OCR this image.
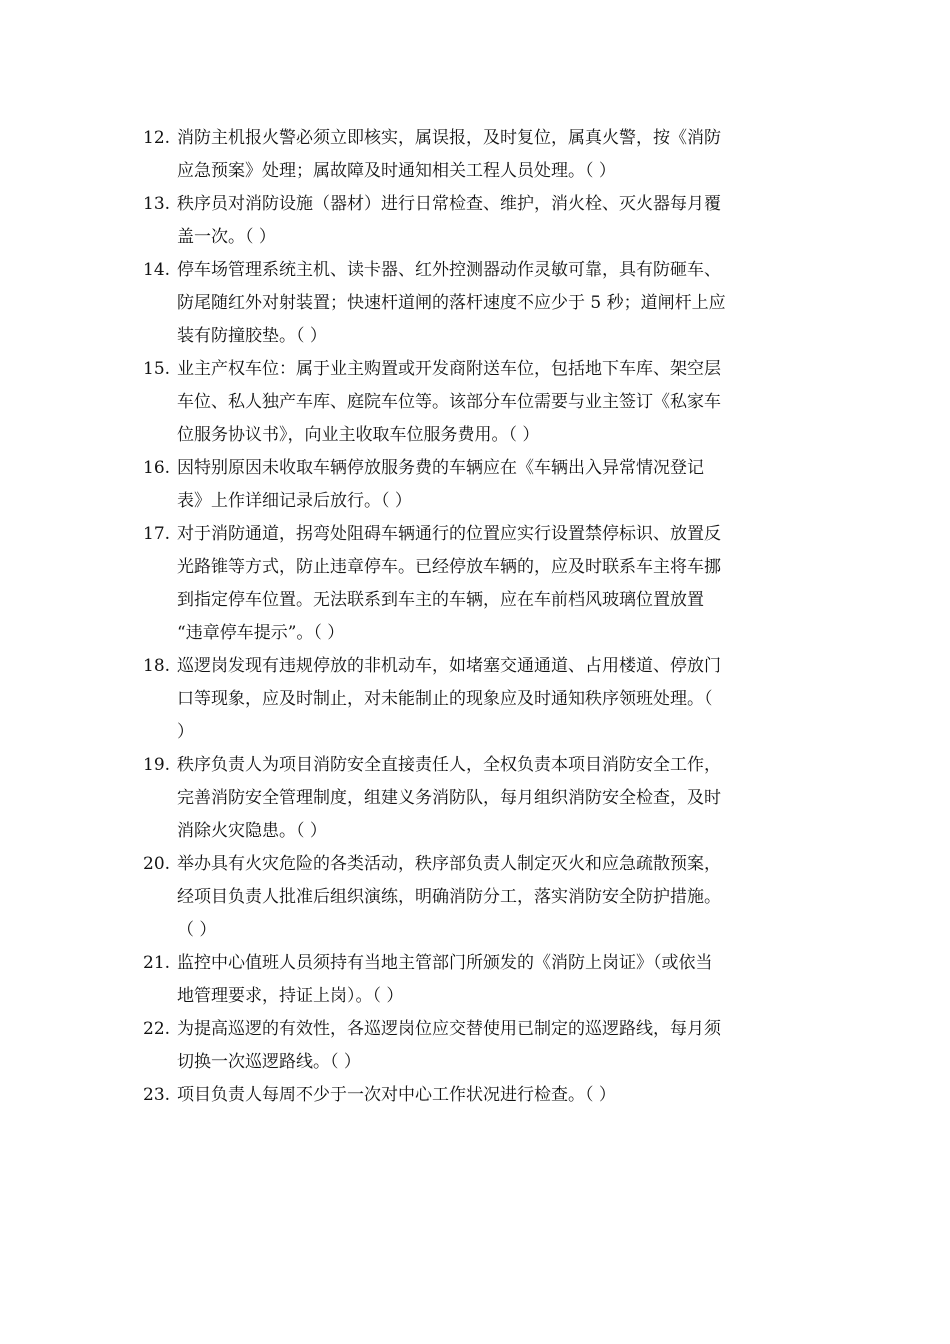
12. 消防主机报火警必须立即核实，属误报，及时复位，属真火警，按《消防
应急预案》处理；属故障及时通知相关工程人员处理。（ ）
13. 秩序员对消防设施（器材）进行日常检查、维护，消火栓、灭火器每月覆
盖一次。（ ）
14. 停车场管理系统主机、读卡器、红外控测器动作灵敏可靠，具有防砸车、
防尾随红外对射装置；快速杆道闸的落杆速度不应少于 5 秒；道闸杆上应
装有防撞胶垫。（ ）
15. 业主产权车位：属于业主购置或开发商附送车位，包括地下车库、架空层
车位、私人独产车库、庭院车位等。该部分车位需要与业主签订《私家车
位服务协议书》，向业主收取车位服务费用。（ ）
16. 因特别原因未收取车辆停放服务费的车辆应在《车辆出入异常情况登记
表》上作详细记录后放行。（ ）
17. 对于消防通道，拐弯处阻碍车辆通行的位置应实行设置禁停标识、放置反
光路锥等方式，防止违章停车。已经停放车辆的，应及时联系车主将车挪
到指定停车位置。无法联系到车主的车辆，应在车前档风玻璃位置放置
“违章停车提示”。（ ）
18. 巡逻岗发现有违规停放的非机动车，如堵塞交通通道、占用楼道、停放门
口等现象，应及时制止，对未能制止的现象应及时通知秩序领班处理。（
）
19. 秩序负责人为项目消防安全直接责任人，全权负责本项目消防安全工作，
完善消防安全管理制度，组建义务消防队，每月组织消防安全检查，及时
消除火灾隐患。（ ）
20. 举办具有火灾危险的各类活动，秩序部负责人制定灭火和应急疏散预案，
经项目负责人批准后组织演练，明确消防分工，落实消防安全防护措施。
（ ）
21. 监控中心值班人员须持有当地主管部门所颁发的《消防上岗证》（或依当
地管理要求，持证上岗）。（ ）
22. 为提高巡逻的有效性，各巡逻岗位应交替使用已制定的巡逻路线，每月须
切换一次巡逻路线。（ ）
23. 项目负责人每周不少于一次对中心工作状况进行检查。（ ）
